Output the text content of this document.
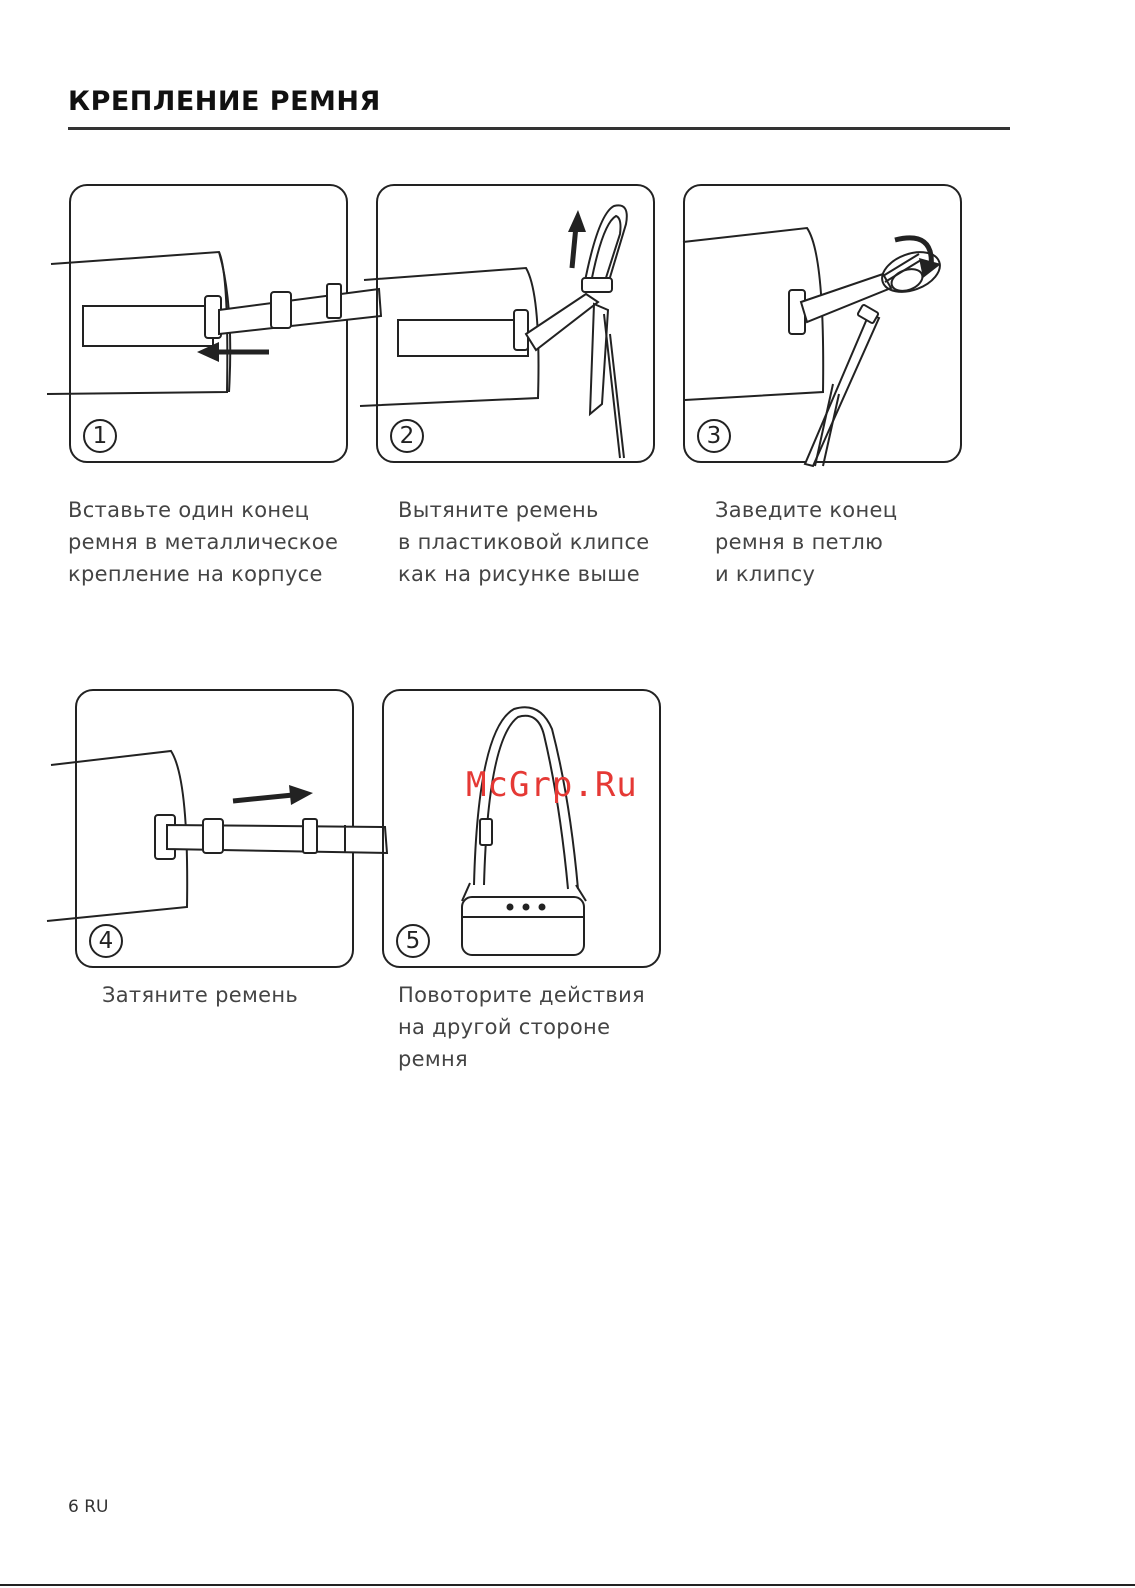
КРЕПЛЕНИЕ РЕМНЯ
1
Вставьте один конец
ремня в металлическое
крепление на корпусе
2
Вытяните ремень
в пластиковой клипсе
как на рисунке выше
3
Заведите конец
ремня в петлю
и клипсу
4
Затяните ремень
5
Повоторите действия
на другой стороне
ремня
McGrp.Ru
6 RU
